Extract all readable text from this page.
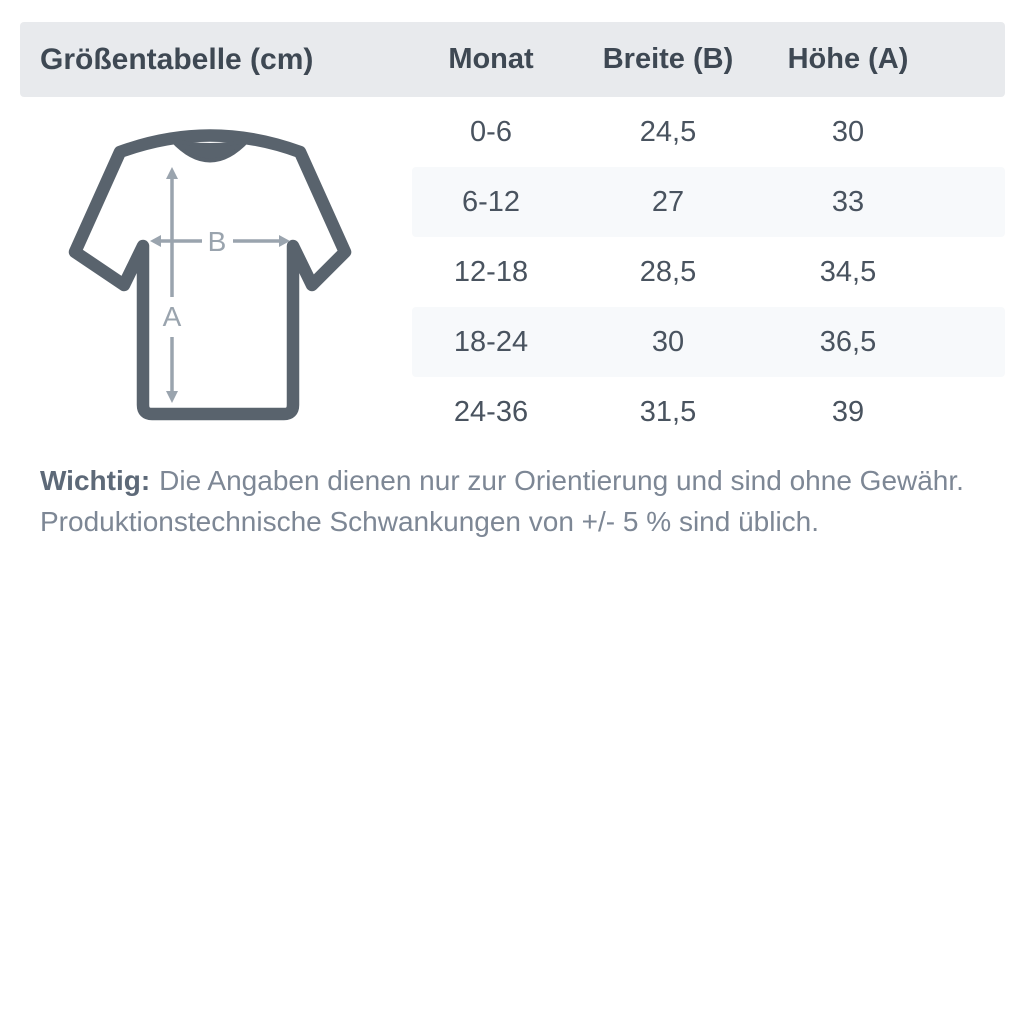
Größentabelle (cm)	Monat	Breite (B)	Höhe (A)
0-6	24,5	30
6-12	27	33
12-18	28,5	34,5
18-24	30	36,5
24-36	31,5	39
A
B

Wichtig: Die Angaben dienen nur zur Orientierung und sind ohne Gewähr.
Produktionstechnische Schwankungen von +/- 5 % sind üblich.
